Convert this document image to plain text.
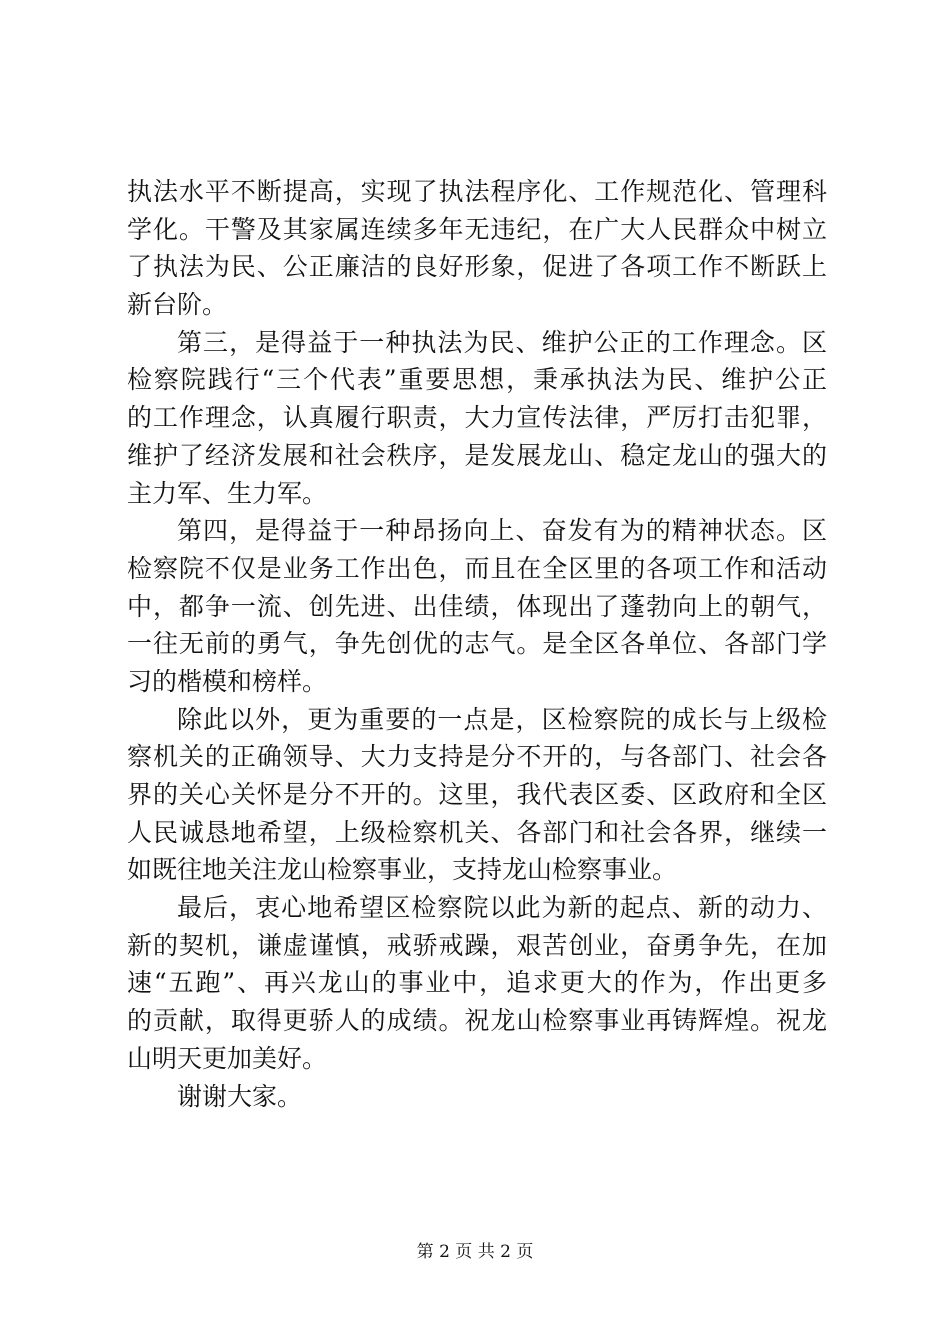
执法水平不断提高，实现了执法程序化、工作规范化、管理科
学化。干警及其家属连续多年无违纪，在广大人民群众中树立
了执法为民、公正廉洁的良好形象，促进了各项工作不断跃上
新台阶。
第三，是得益于一种执法为民、维护公正的工作理念。区
检察院践行“三个代表”重要思想，秉承执法为民、维护公正
的工作理念，认真履行职责，大力宣传法律，严厉打击犯罪，
维护了经济发展和社会秩序，是发展龙山、稳定龙山的强大的
主力军、生力军。
第四，是得益于一种昂扬向上、奋发有为的精神状态。区
检察院不仅是业务工作出色，而且在全区里的各项工作和活动
中，都争一流、创先进、出佳绩，体现出了蓬勃向上的朝气，
一往无前的勇气，争先创优的志气。是全区各单位、各部门学
习的楷模和榜样。
除此以外，更为重要的一点是，区检察院的成长与上级检
察机关的正确领导、大力支持是分不开的，与各部门、社会各
界的关心关怀是分不开的。这里，我代表区委、区政府和全区
人民诚恳地希望，上级检察机关、各部门和社会各界，继续一
如既往地关注龙山检察事业，支持龙山检察事业。
最后，衷心地希望区检察院以此为新的起点、新的动力、
新的契机，谦虚谨慎，戒骄戒躁，艰苦创业，奋勇争先，在加
速“五跑”、再兴龙山的事业中，追求更大的作为，作出更多
的贡献，取得更骄人的成绩。祝龙山检察事业再铸辉煌。祝龙
山明天更加美好。
谢谢大家。
第 2 页 共 2 页
